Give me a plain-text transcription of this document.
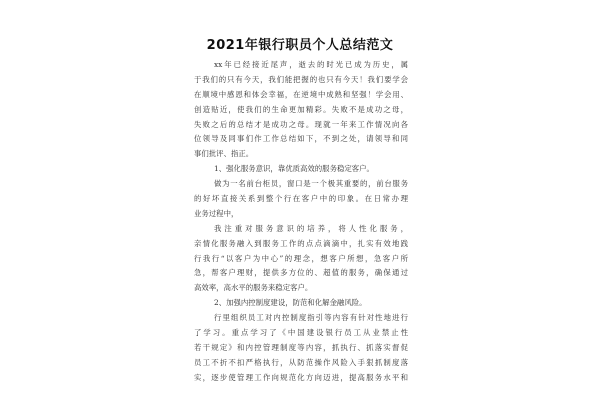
2021年银行职员个人总结范文
xx年已经接近尾声，逝去的时光已成为历史，属
于我们的只有今天，我们能把握的也只有今天！我们要学会
在顺境中感恩和体会幸福，在逆境中成熟和坚强！学会用、
创造贴近，使我们的生命更加精彩。失败不是成功之母，
失败之后的总结才是成功之母。现就一年来工作情况向各
位领导及同事们作工作总结如下，不到之处，请领导和同
事们批评、指正。
1、强化服务意识，靠优质高效的服务稳定客户。
做为一名前台柜员，窗口是一个极其重要的，前台服务
的好坏直接关系到整个行在客户中的印象。在日常办理
业务过程中，
我注重对服务意识的培养，将人性化服务，
亲情化服务融入到服务工作的点点滴滴中，扎实有效地践
行我行“以客户为中心”的理念，想客户所想，急客户所
急，帮客户理财，提供多方位的、超值的服务，确保通过
高效率，高水平的服务来稳定客户。
2、加强内控制度建设，防范和化解金融风险。
行里组织员工对内控制度指引等内容有针对性地进行
了学习。重点学习了《中国建设银行员工从业禁止性
若干规定》和内控管理制度等内容，抓执行、抓落实督促
员工不折不扣严格执行，从防范操作风险入手狠抓制度落
实，逐步使管理工作向规范化方向迈进，提高服务水平和
